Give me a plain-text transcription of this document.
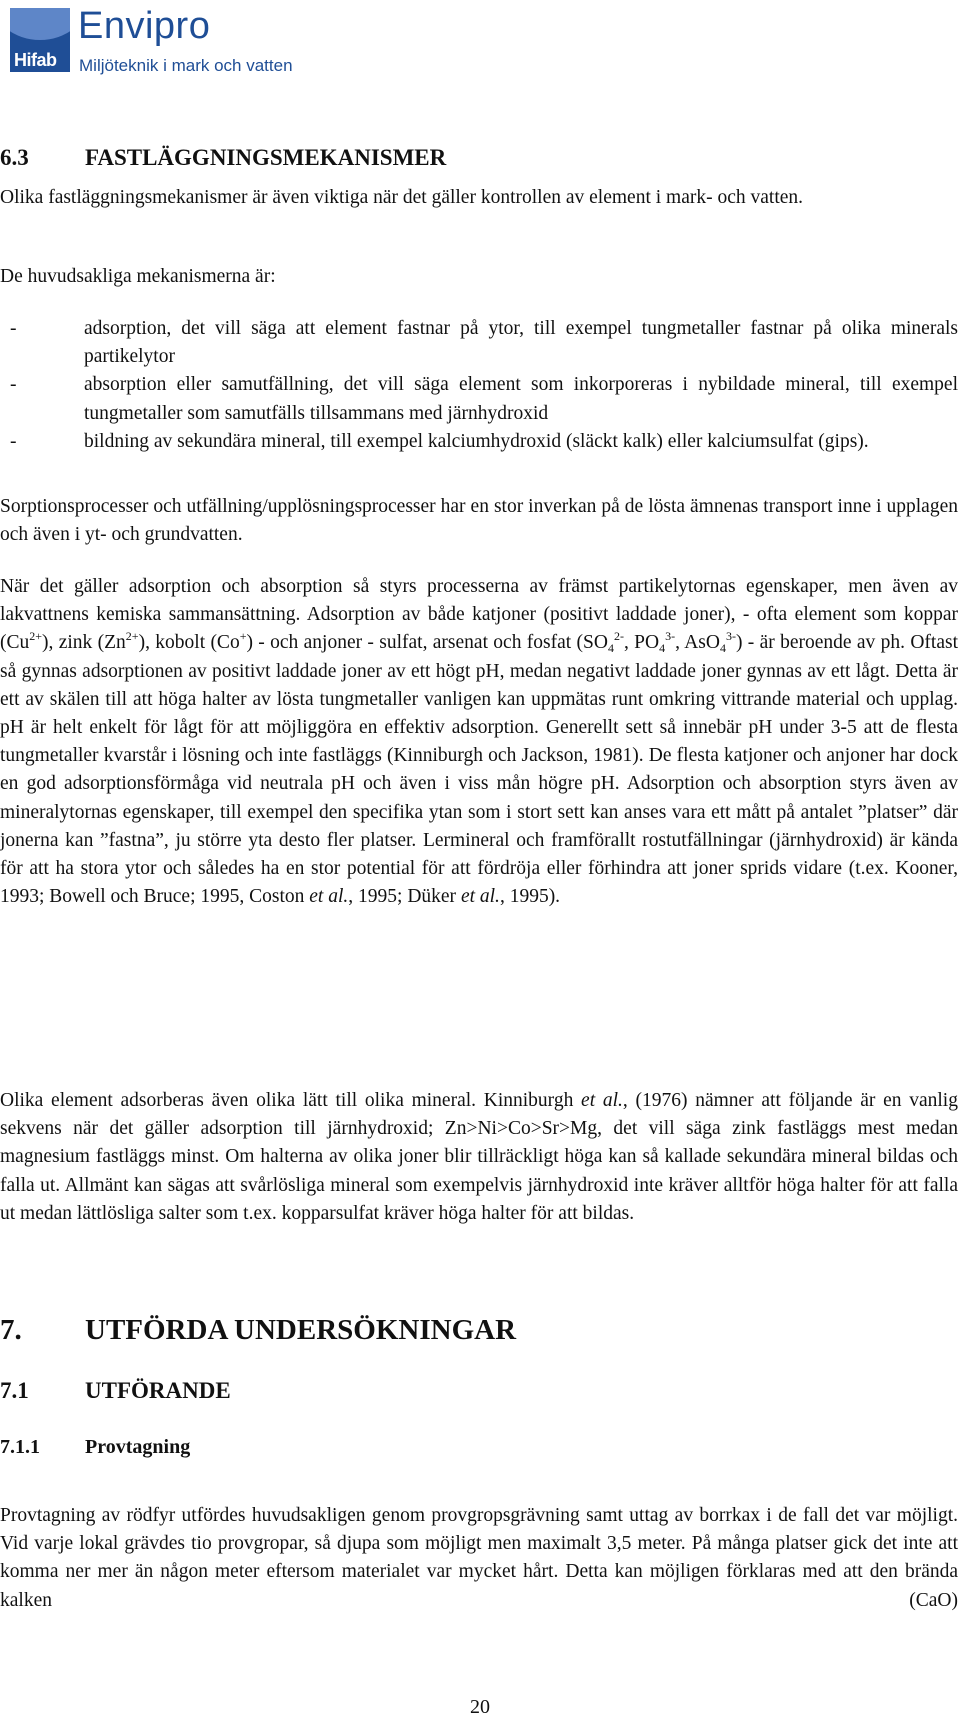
Hifab
Envipro
Miljöteknik i mark och vatten
6.3 FASTLÄGGNINGSMEKANISMER
Olika fastläggningsmekanismer är även viktiga när det gäller kontrollen av element i mark- och vatten.
De huvudsakliga mekanismerna är:
-	adsorption, det vill säga att element fastnar på ytor, till exempel tungmetaller fastnar på olika minerals partikelytor
-	absorption eller samutfällning, det vill säga element som inkorporeras i nybildade mineral, till exempel tungmetaller som samutfälls tillsammans med järnhydroxid
-	bildning av sekundära mineral, till exempel kalciumhydroxid (släckt kalk) eller kalciumsulfat (gips).
Sorptionsprocesser och utfällning/upplösningsprocesser har en stor inverkan på de lösta ämnenas transport inne i upplagen och även i yt- och grundvatten.
När det gäller adsorption och absorption så styrs processerna av främst partikelytornas egenskaper, men även av lakvattnens kemiska sammansättning. Adsorption av både katjoner (positivt laddade joner), - ofta element som koppar $(Cu^{2+})$, zink $(Zn^{2+})$, kobolt (Co+) - och anjoner - sulfat, arsenat och fosfat ($SO_4^{2-}$, $PO_4^{3-}$, AsO$_4^{3-}$) - är beroende av ph. Oftast så gynnas adsorptionen av positivt laddade joner av ett högt pH, medan negativt laddade joner gynnas av ett lågt. Detta är ett av skälen till att höga halter av lösta tungmetaller vanligen kan uppmätas runt omkring vittrande material och upplag. pH är helt enkelt för lågt för att möjliggöra en effektiv adsorption. Generellt sett så innebär pH under 3-5 att de flesta tungmetaller kvarstår i lösning och inte fastläggs (Kinniburgh och Jackson, 1981). De flesta katjoner och anjoner har dock en god adsorptionsförmåga vid neutrala pH och även i viss mån högre pH. Adsorption och absorption styrs även av mineralytornas egenskaper, till exempel den specifika ytan som i stort sett kan anses vara ett mått på antalet ”platser” där jonerna kan ”fastna”, ju större yta desto fler platser. Lermineral och framförallt rostutfällningar (järnhydroxid) är kända för att ha stora ytor och således ha en stor potential för att fördröja eller förhindra att joner sprids vidare (t.ex. Kooner, 1993; Bowell och Bruce; 1995, Coston et al., 1995; Düker et al., 1995).
Olika element adsorberas även olika lätt till olika mineral. Kinniburgh et al., (1976) nämner att följande är en vanlig sekvens när det gäller adsorption till järnhydroxid; Zn>Ni>Co>Sr>Mg, det vill säga zink fastläggs mest medan magnesium fastläggs minst. Om halterna av olika joner blir tillräckligt höga kan så kallade sekundära mineral bildas och falla ut. Allmänt kan sägas att svårlösliga mineral som exempelvis järnhydroxid inte kräver alltför höga halter för att falla ut medan lättlösliga salter som t.ex. kopparsulfat kräver höga halter för att bildas.
7. UTFÖRDA UNDERSÖKNINGAR
7.1 UTFÖRANDE
7.1.1 Provtagning
Provtagning av rödfyr utfördes huvudsakligen genom provgropsgrävning samt uttag av borrkax i de fall det var möjligt. Vid varje lokal grävdes tio provgropar, så djupa som möjligt men maximalt 3,5 meter. På många platser gick det inte att komma ner mer än någon meter eftersom materialet var mycket hårt. Detta kan möjligen förklaras med att den brända kalken (CaO)
20
